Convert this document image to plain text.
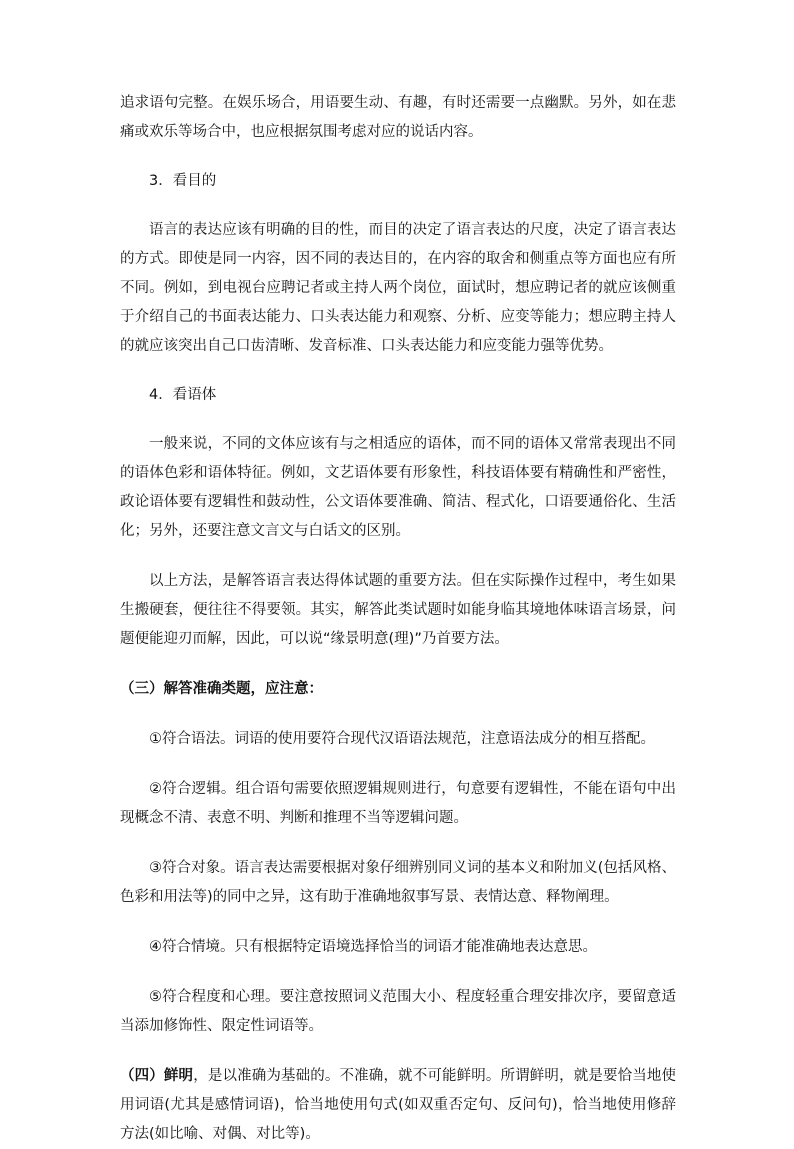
追求语句完整。在娱乐场合，用语要生动、有趣，有时还需要一点幽默。另外，如在悲痛或欢乐等场合中，也应根据氛围考虑对应的说话内容。

3．看目的

语言的表达应该有明确的目的性，而目的决定了语言表达的尺度，决定了语言表达的方式。即使是同一内容，因不同的表达目的，在内容的取舍和侧重点等方面也应有所不同。例如，到电视台应聘记者或主持人两个岗位，面试时，想应聘记者的就应该侧重于介绍自己的书面表达能力、口头表达能力和观察、分析、应变等能力；想应聘主持人的就应该突出自己口齿清晰、发音标准、口头表达能力和应变能力强等优势。

4．看语体

一般来说，不同的文体应该有与之相适应的语体，而不同的语体又常常表现出不同的语体色彩和语体特征。例如，文艺语体要有形象性，科技语体要有精确性和严密性，政论语体要有逻辑性和鼓动性，公文语体要准确、简洁、程式化，口语要通俗化、生活化；另外，还要注意文言文与白话文的区别。

以上方法，是解答语言表达得体试题的重要方法。但在实际操作过程中，考生如果生搬硬套，便往往不得要领。其实，解答此类试题时如能身临其境地体味语言场景，问题便能迎刃而解，因此，可以说“缘景明意(理)”乃首要方法。

（三）解答准确类题，应注意：

①符合语法。词语的使用要符合现代汉语语法规范，注意语法成分的相互搭配。

②符合逻辑。组合语句需要依照逻辑规则进行，句意要有逻辑性，不能在语句中出现概念不清、表意不明、判断和推理不当等逻辑问题。

③符合对象。语言表达需要根据对象仔细辨别同义词的基本义和附加义(包括风格、色彩和用法等)的同中之异，这有助于准确地叙事写景、表情达意、释物阐理。

④符合情境。只有根据特定语境选择恰当的词语才能准确地表达意思。

⑤符合程度和心理。要注意按照词义范围大小、程度轻重合理安排次序，要留意适当添加修饰性、限定性词语等。

（四）鲜明，是以准确为基础的。不准确，就不可能鲜明。所谓鲜明，就是要恰当地使用词语(尤其是感情词语)，恰当地使用句式(如双重否定句、反问句)，恰当地使用修辞方法(如比喻、对偶、对比等)。
